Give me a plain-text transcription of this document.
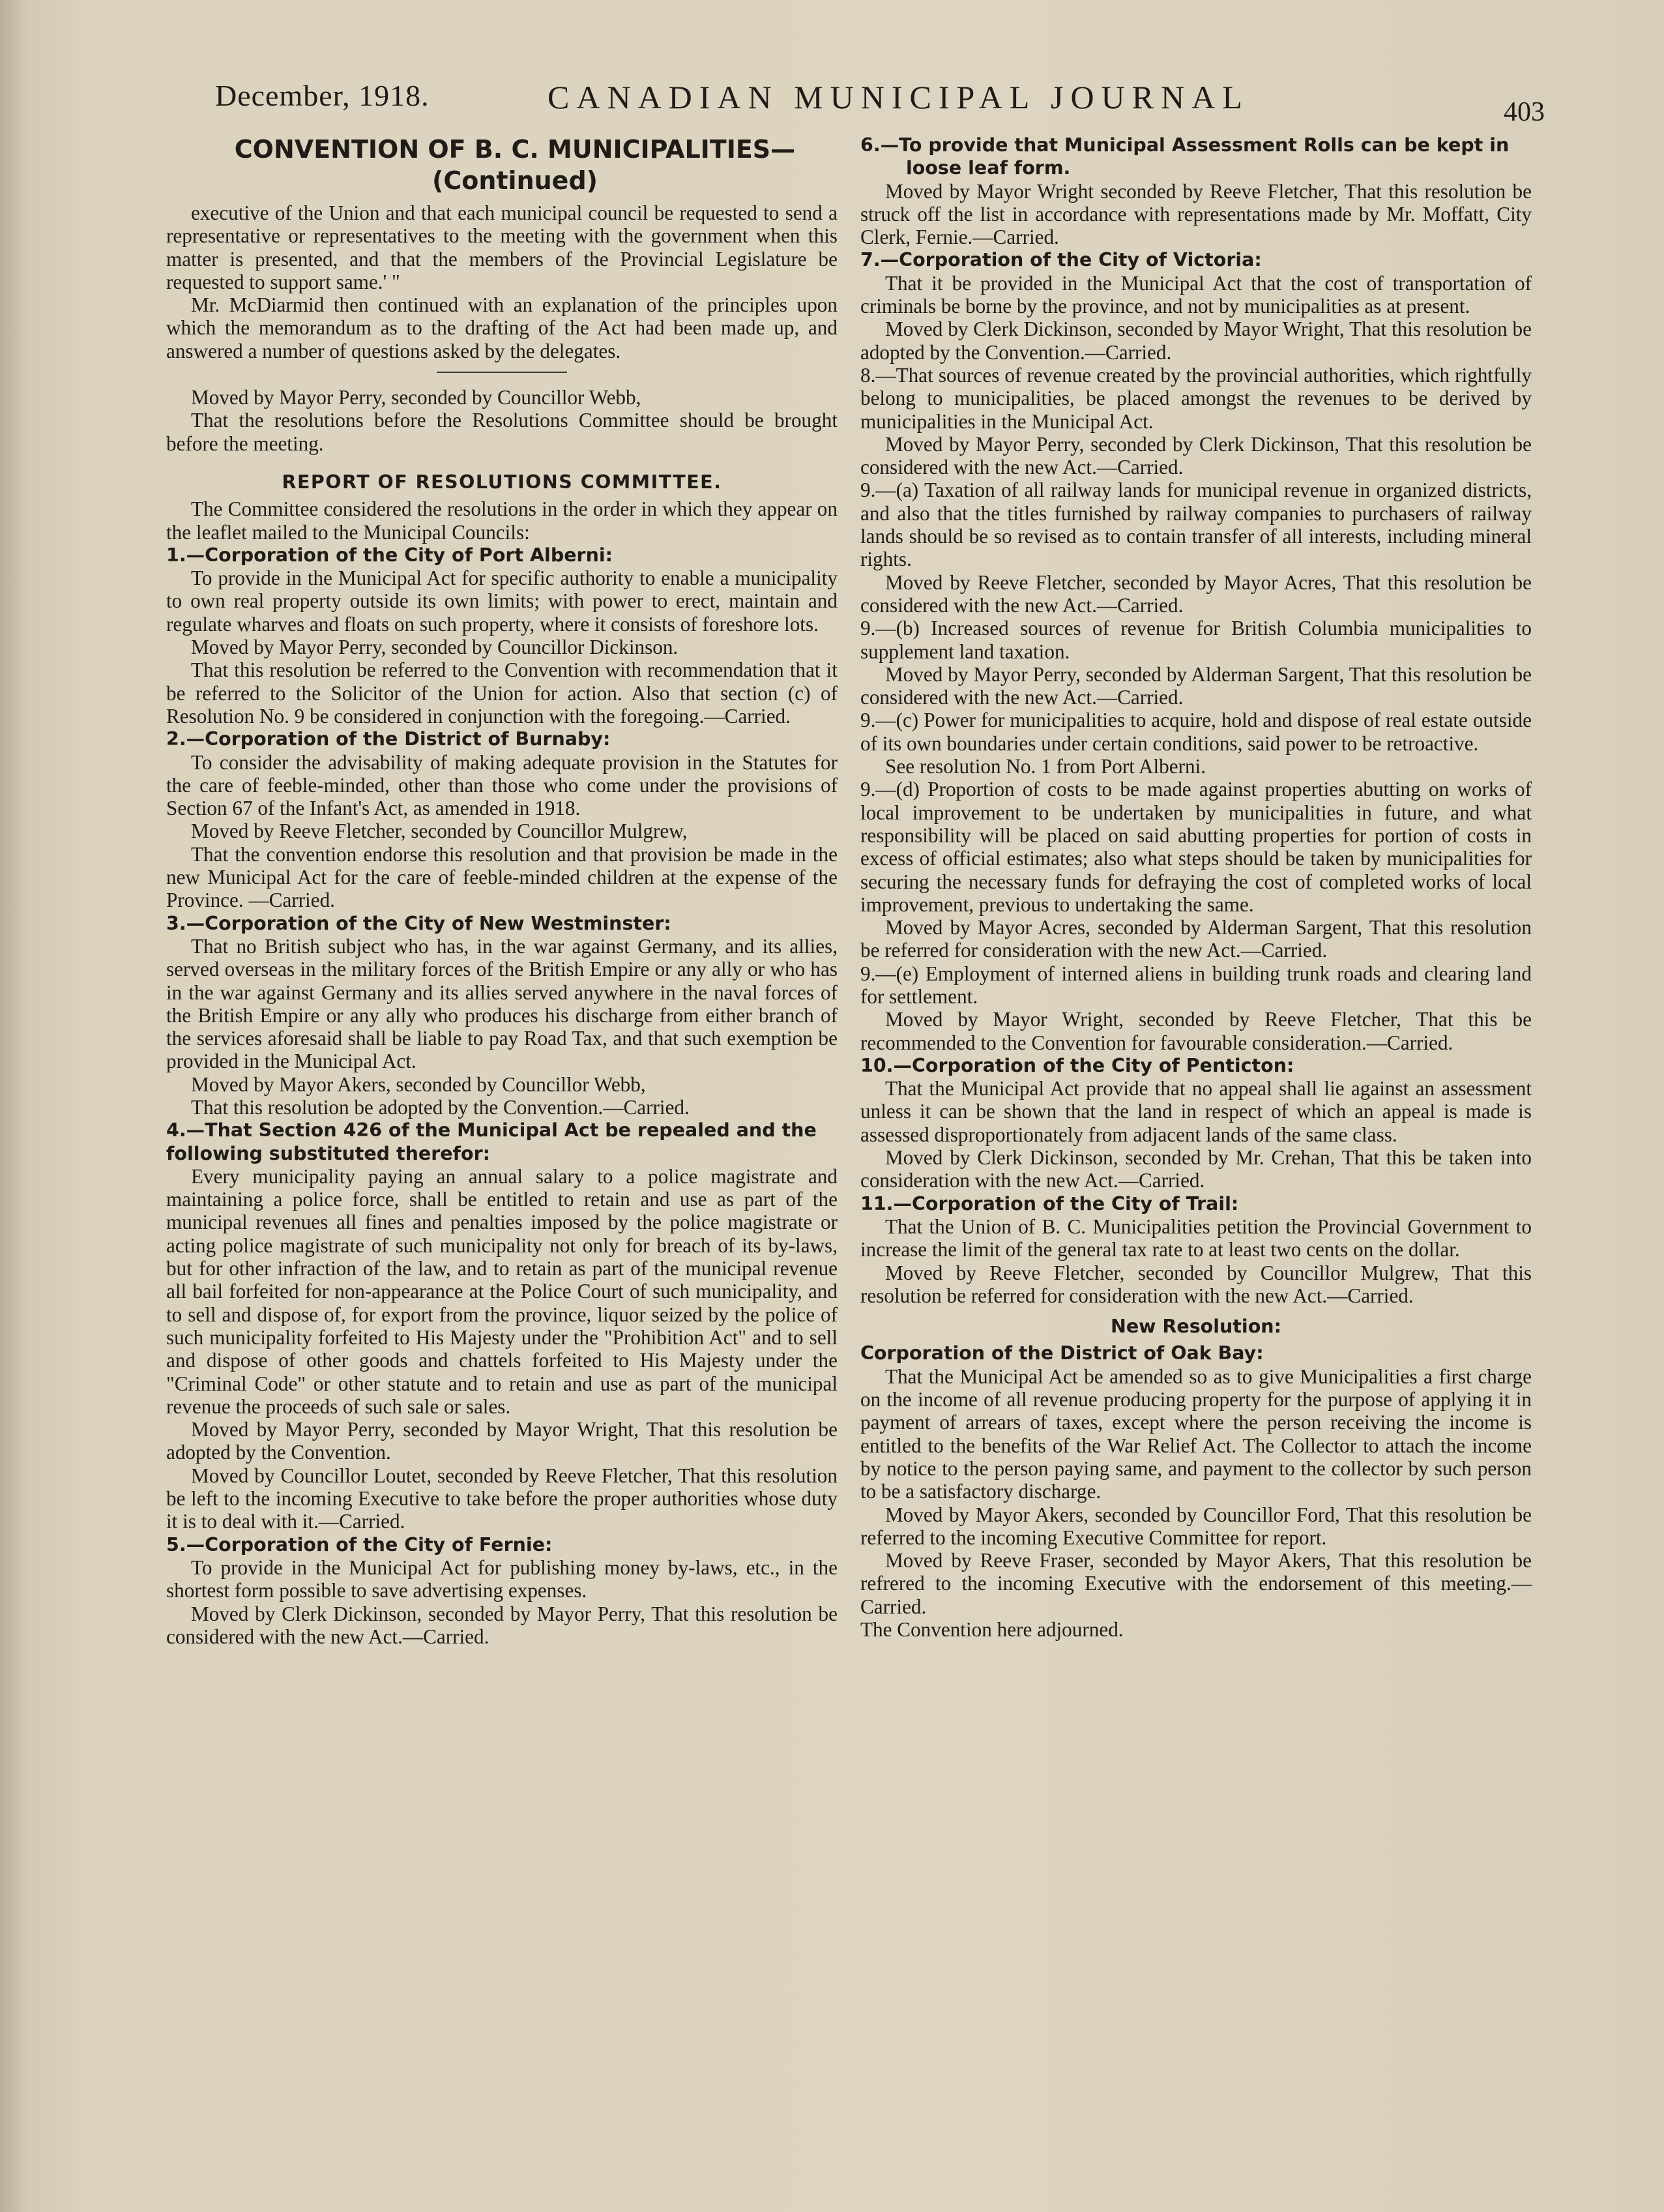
December, 1918.	CANADIAN MUNICIPAL JOURNAL	403
CONVENTION OF B. C. MUNICIPALITIES—
(Continued)

executive of the Union and that each municipal council be requested to send a representative or representatives to the meeting with the government when this matter is presented, and that the members of the Provincial Legislature be requested to support same.' "

Mr. McDiarmid then continued with an explanation of the principles upon which the memorandum as to the drafting of the Act had been made up, and answered a number of questions asked by the delegates.

Moved by Mayor Perry, seconded by Councillor Webb,

That the resolutions before the Resolutions Committee should be brought before the meeting.

REPORT OF RESOLUTIONS COMMITTEE.

The Committee considered the resolutions in the order in which they appear on the leaflet mailed to the Municipal Councils:

1.—Corporation of the City of Port Alberni:

To provide in the Municipal Act for specific authority to enable a municipality to own real property outside its own limits; with power to erect, maintain and regulate wharves and floats on such property, where it consists of foreshore lots.

Moved by Mayor Perry, seconded by Councillor Dickinson.

That this resolution be referred to the Convention with recommendation that it be referred to the Solicitor of the Union for action. Also that section (c) of Resolution No. 9 be considered in conjunction with the foregoing.—Carried.

2.—Corporation of the District of Burnaby:

To consider the advisability of making adequate provision in the Statutes for the care of feeble-minded, other than those who come under the provisions of Section 67 of the Infant's Act, as amended in 1918.

Moved by Reeve Fletcher, seconded by Councillor Mulgrew,

That the convention endorse this resolution and that provision be made in the new Municipal Act for the care of feeble-minded children at the expense of the Province. —Carried.

3.—Corporation of the City of New Westminster:

That no British subject who has, in the war against Germany, and its allies, served overseas in the military forces of the British Empire or any ally or who has in the war against Germany and its allies served anywhere in the naval forces of the British Empire or any ally who produces his discharge from either branch of the services aforesaid shall be liable to pay Road Tax, and that such exemption be provided in the Municipal Act.

Moved by Mayor Akers, seconded by Councillor Webb,

That this resolution be adopted by the Convention.—Carried.

4.—That Section 426 of the Municipal Act be repealed and the following substituted therefor:

Every municipality paying an annual salary to a police magistrate and maintaining a police force, shall be entitled to retain and use as part of the municipal revenues all fines and penalties imposed by the police magistrate or acting police magistrate of such municipality not only for breach of its by-laws, but for other infraction of the law, and to retain as part of the municipal revenue all bail forfeited for non-appearance at the Police Court of such municipality, and to sell and dispose of, for export from the province, liquor seized by the police of such municipality forfeited to His Majesty under the "Prohibition Act" and to sell and dispose of other goods and chattels forfeited to His Majesty under the "Criminal Code" or other statute and to retain and use as part of the municipal revenue the proceeds of such sale or sales.

Moved by Mayor Perry, seconded by Mayor Wright, That this resolution be adopted by the Convention.

Moved by Councillor Loutet, seconded by Reeve Fletcher, That this resolution be left to the incoming Executive to take before the proper authorities whose duty it is to deal with it.—Carried.

5.—Corporation of the City of Fernie:

To provide in the Municipal Act for publishing money by-laws, etc., in the shortest form possible to save advertising expenses.

Moved by Clerk Dickinson, seconded by Mayor Perry, That this resolution be considered with the new Act.—Carried.

6.—To provide that Municipal Assessment Rolls can be kept in loose leaf form.

Moved by Mayor Wright seconded by Reeve Fletcher, That this resolution be struck off the list in accordance with representations made by Mr. Moffatt, City Clerk, Fernie.—Carried.

7.—Corporation of the City of Victoria:

That it be provided in the Municipal Act that the cost of transportation of criminals be borne by the province, and not by municipalities as at present.

Moved by Clerk Dickinson, seconded by Mayor Wright, That this resolution be adopted by the Convention.—Carried.

8.—That sources of revenue created by the provincial authorities, which rightfully belong to municipalities, be placed amongst the revenues to be derived by municipalities in the Municipal Act.

Moved by Mayor Perry, seconded by Clerk Dickinson, That this resolution be considered with the new Act.—Carried.

9.—(a) Taxation of all railway lands for municipal revenue in organized districts, and also that the titles furnished by railway companies to purchasers of railway lands should be so revised as to contain transfer of all interests, including mineral rights.

Moved by Reeve Fletcher, seconded by Mayor Acres, That this resolution be considered with the new Act.—Carried.

9.—(b) Increased sources of revenue for British Columbia municipalities to supplement land taxation.

Moved by Mayor Perry, seconded by Alderman Sargent, That this resolution be considered with the new Act.—Carried.

9.—(c) Power for municipalities to acquire, hold and dispose of real estate outside of its own boundaries under certain conditions, said power to be retroactive.

See resolution No. 1 from Port Alberni.

9.—(d) Proportion of costs to be made against properties abutting on works of local improvement to be undertaken by municipalities in future, and what responsibility will be placed on said abutting properties for portion of costs in excess of official estimates; also what steps should be taken by municipalities for securing the necessary funds for defraying the cost of completed works of local improvement, previous to undertaking the same.

Moved by Mayor Acres, seconded by Alderman Sargent, That this resolution be referred for consideration with the new Act.—Carried.

9.—(e) Employment of interned aliens in building trunk roads and clearing land for settlement.

Moved by Mayor Wright, seconded by Reeve Fletcher, That this be recommended to the Convention for favourable consideration.—Carried.

10.—Corporation of the City of Penticton:

That the Municipal Act provide that no appeal shall lie against an assessment unless it can be shown that the land in respect of which an appeal is made is assessed disproportionately from adjacent lands of the same class.

Moved by Clerk Dickinson, seconded by Mr. Crehan, That this be taken into consideration with the new Act.—Carried.

11.—Corporation of the City of Trail:

That the Union of B. C. Municipalities petition the Provincial Government to increase the limit of the general tax rate to at least two cents on the dollar.

Moved by Reeve Fletcher, seconded by Councillor Mulgrew, That this resolution be referred for consideration with the new Act.—Carried.

New Resolution:

Corporation of the District of Oak Bay:

That the Municipal Act be amended so as to give Municipalities a first charge on the income of all revenue producing property for the purpose of applying it in payment of arrears of taxes, except where the person receiving the income is entitled to the benefits of the War Relief Act. The Collector to attach the income by notice to the person paying same, and payment to the collector by such person to be a satisfactory discharge.

Moved by Mayor Akers, seconded by Councillor Ford, That this resolution be referred to the incoming Executive Committee for report.

Moved by Reeve Fraser, seconded by Mayor Akers, That this resolution be refrered to the incoming Executive with the endorsement of this meeting.—Carried.

The Convention here adjourned.
